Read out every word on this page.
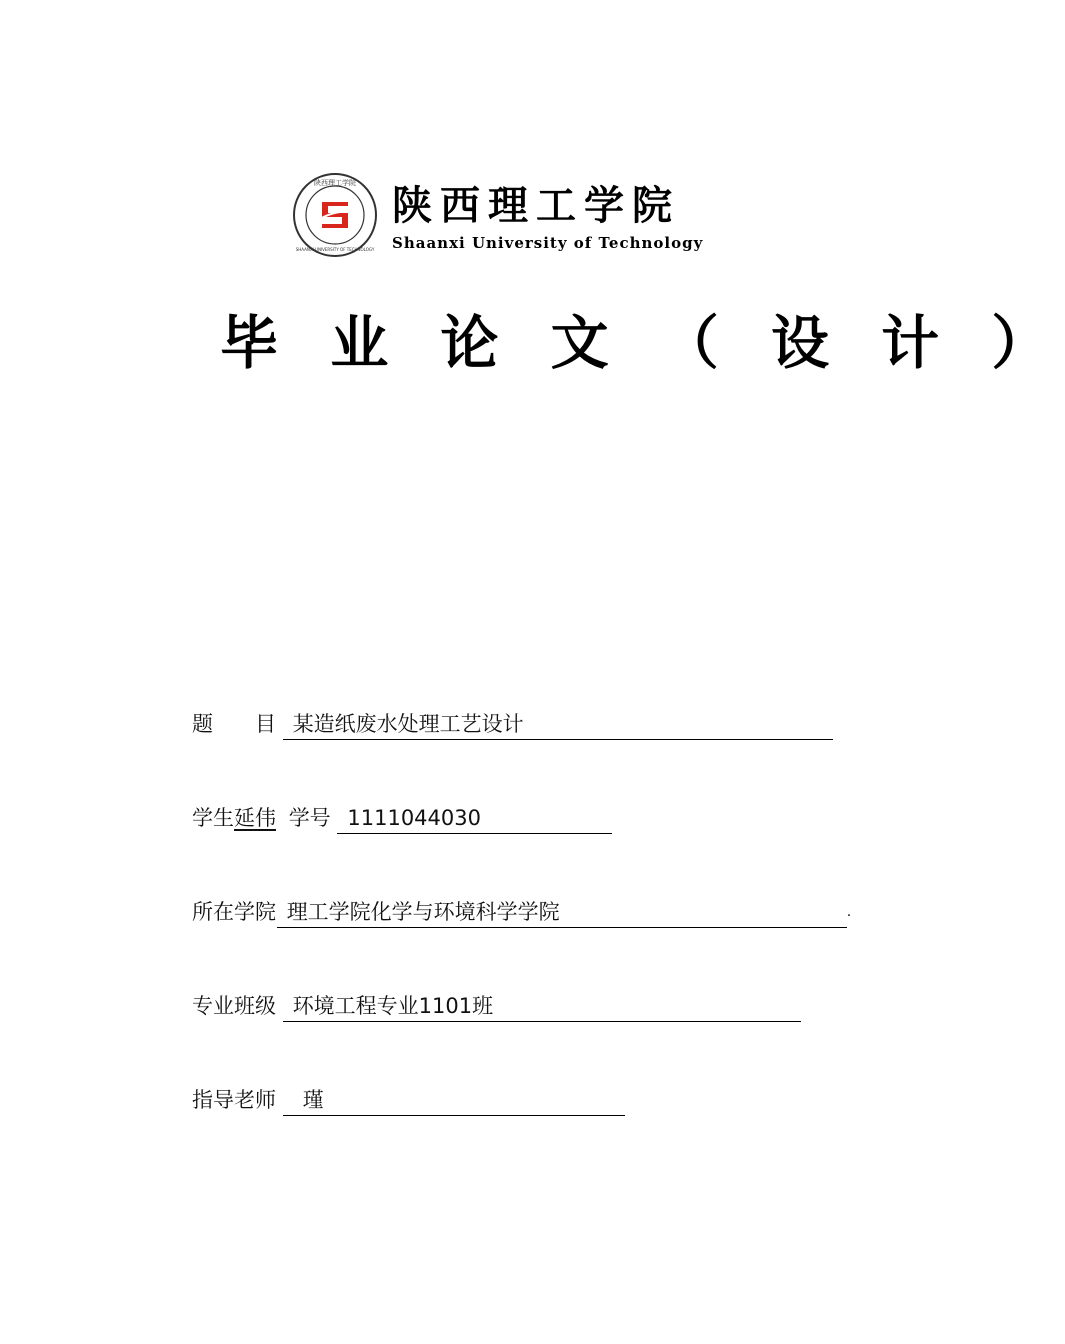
陕西理工学院
SHAANXI UNIVERSITY OF TECHNOLOGY
陕西理工学院
Shaanxi University of Technology
毕 业 论 文 （ 设 计 ）
题　　目 某造纸废水处理工艺设计
学生延伟 学号 1111044030
所在学院 理工学院化学与环境科学学院	.
专业班级 环境工程专业1101班
指导老师 瑾
